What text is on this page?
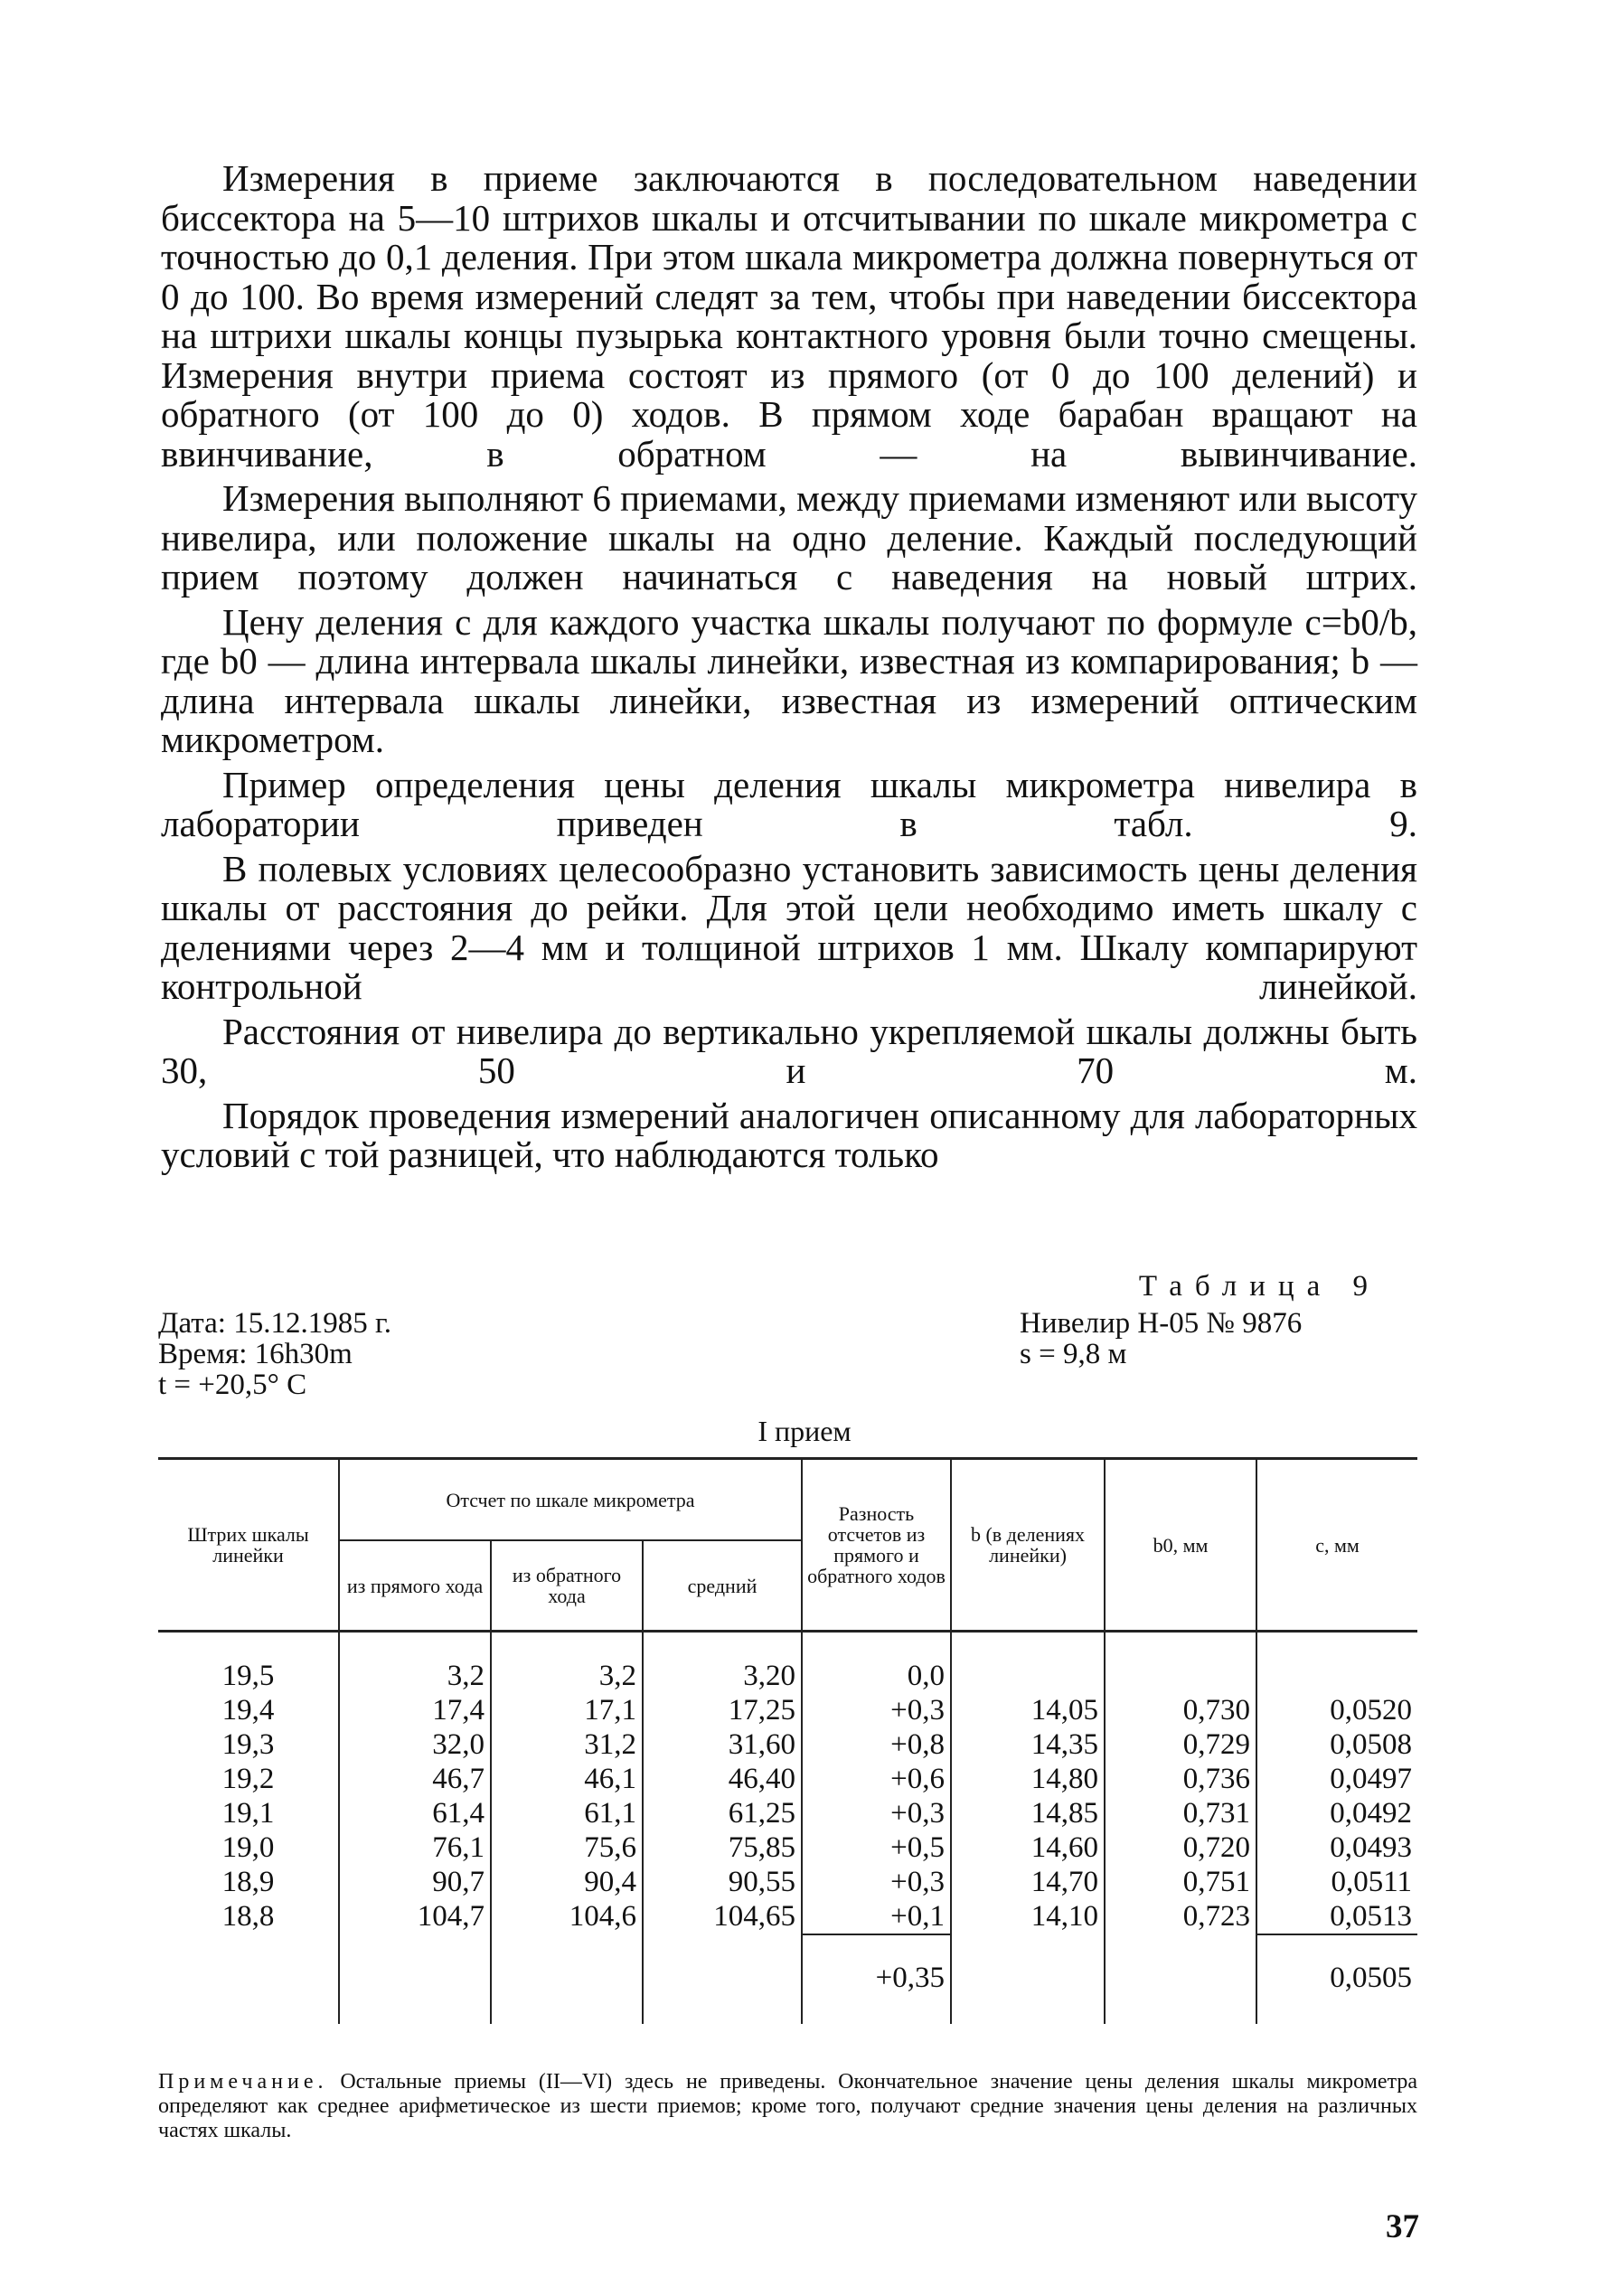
Измерения в приеме заключаются в последовательном наведении биссектора на 5—10 штрихов шкалы и отсчитывании по шкале микрометра с точностью до 0,1 деления. При этом шкала микрометра должна повернуться от 0 до 100. Во время измерений следят за тем, чтобы при наведении биссектора на штрихи шкалы концы пузырька контактного уровня были точно смещены. Измерения внутри приема состоят из прямого (от 0 до 100 делений) и обратного (от 100 до 0) ходов. В прямом ходе барабан вращают на ввинчивание, в обратном — на вывинчивание.

Измерения выполняют 6 приемами, между приемами изменяют или высоту нивелира, или положение шкалы на одно деление. Каждый последующий прием поэтому должен начинаться с наведения на новый штрих.

Цену деления c для каждого участка шкалы получают по формуле c=b0/b, где b0 — длина интервала шкалы линейки, известная из компарирования; b — длина интервала шкалы линейки, известная из измерений оптическим микрометром.

Пример определения цены деления шкалы микрометра нивелира в лаборатории приведен в табл. 9.

В полевых условиях целесообразно установить зависимость цены деления шкалы от расстояния до рейки. Для этой цели необходимо иметь шкалу с делениями через 2—4 мм и толщиной штрихов 1 мм. Шкалу компарируют контрольной линейкой.

Расстояния от нивелира до вертикально укрепляемой шкалы должны быть 30, 50 и 70 м.

Порядок проведения измерений аналогичен описанному для лабораторных условий с той разницей, что наблюдаются только

Таблица 9
Дата: 15.12.1985 г.
Время: 16h30m
t = +20,5° C
Нивелир Н-05 № 9876
s = 9,8 м
I прием
Штрих шкалы линейки	Отсчет по шкале микрометра			Разность отсчетов из прямого и обратного ходов	b (в делениях линейки)	b0, мм	c, мм
	из прямого хода	из обратного хода	средний				

19,5	3,2	3,2	3,20	0,0			
19,4	17,4	17,1	17,25	+0,3	14,05	0,730	0,0520
19,3	32,0	31,2	31,60	+0,8	14,35	0,729	0,0508
19,2	46,7	46,1	46,40	+0,6	14,80	0,736	0,0497
19,1	61,4	61,1	61,25	+0,3	14,85	0,731	0,0492
19,0	76,1	75,6	75,85	+0,5	14,60	0,720	0,0493
18,9	90,7	90,4	90,55	+0,3	14,70	0,751	0,0511
18,8	104,7	104,6	104,65	+0,1	14,10	0,723	0,0513
				+0,35			0,0505
Примечание. Остальные приемы (II—VI) здесь не приведены. Окончательное значение цены деления шкалы микрометра определяют как среднее арифметическое из шести приемов; кроме того, получают средние значения цены деления на различных частях шкалы.
37
